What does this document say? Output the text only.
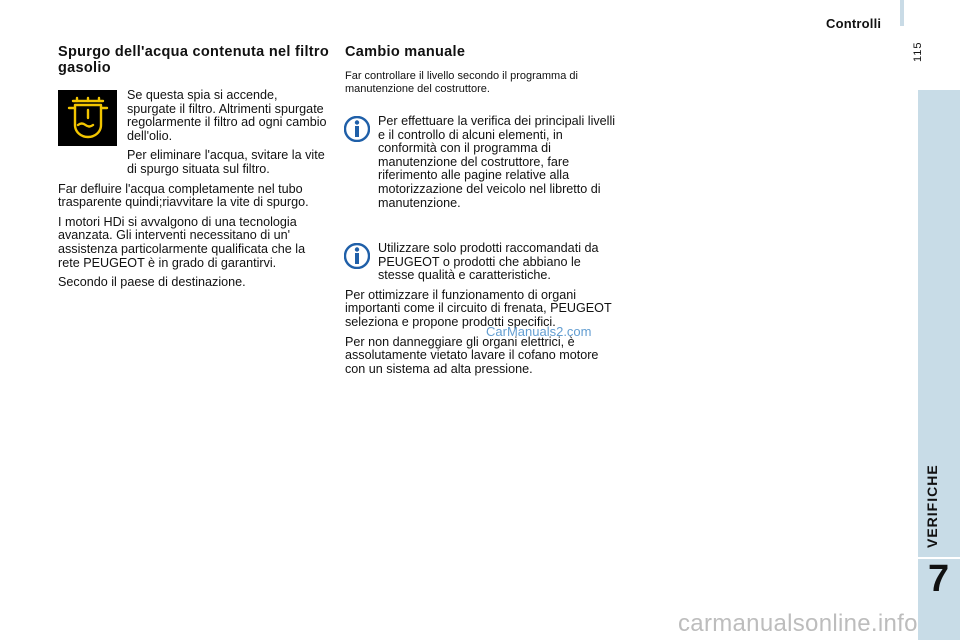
Controlli
115
VERIFICHE
7
Spurgo dell'acqua contenuta nel filtro gasolio

Se questa spia si accende, spurgate il filtro. Altrimenti spurgate regolarmente il filtro ad ogni cambio dell'olio.

Per eliminare l'acqua, svitare la vite di spurgo situata sul filtro.

Far defluire l'acqua completamente nel tubo trasparente quindi;riavvitare la vite di spurgo.

I motori HDi si avvalgono di una tecnologia avanzata. Gli interventi necessitano di un' assistenza particolarmente qualificata che la rete PEUGEOT è in grado di garantirvi.

Secondo il paese di destinazione.

Cambio manuale

Far controllare il livello secondo il programma di manutenzione del costruttore.

Per effettuare la verifica dei principali livelli e il controllo di alcuni elementi, in conformità con il programma di manutenzione del costruttore, fare riferimento alle pagine relative alla motorizzazione del veicolo nel libretto di manutenzione.

Utilizzare solo prodotti raccomandati da PEUGEOT o prodotti che abbiano le stesse qualità e caratteristiche.

Per ottimizzare il funzionamento di organi importanti come il circuito di frenata, PEUGEOT seleziona e propone prodotti specifici.

Per non danneggiare gli organi elettrici, è assolutamente vietato lavare il cofano motore con un sistema ad alta pressione.

CarManuals2.com
carmanualsonline.info
